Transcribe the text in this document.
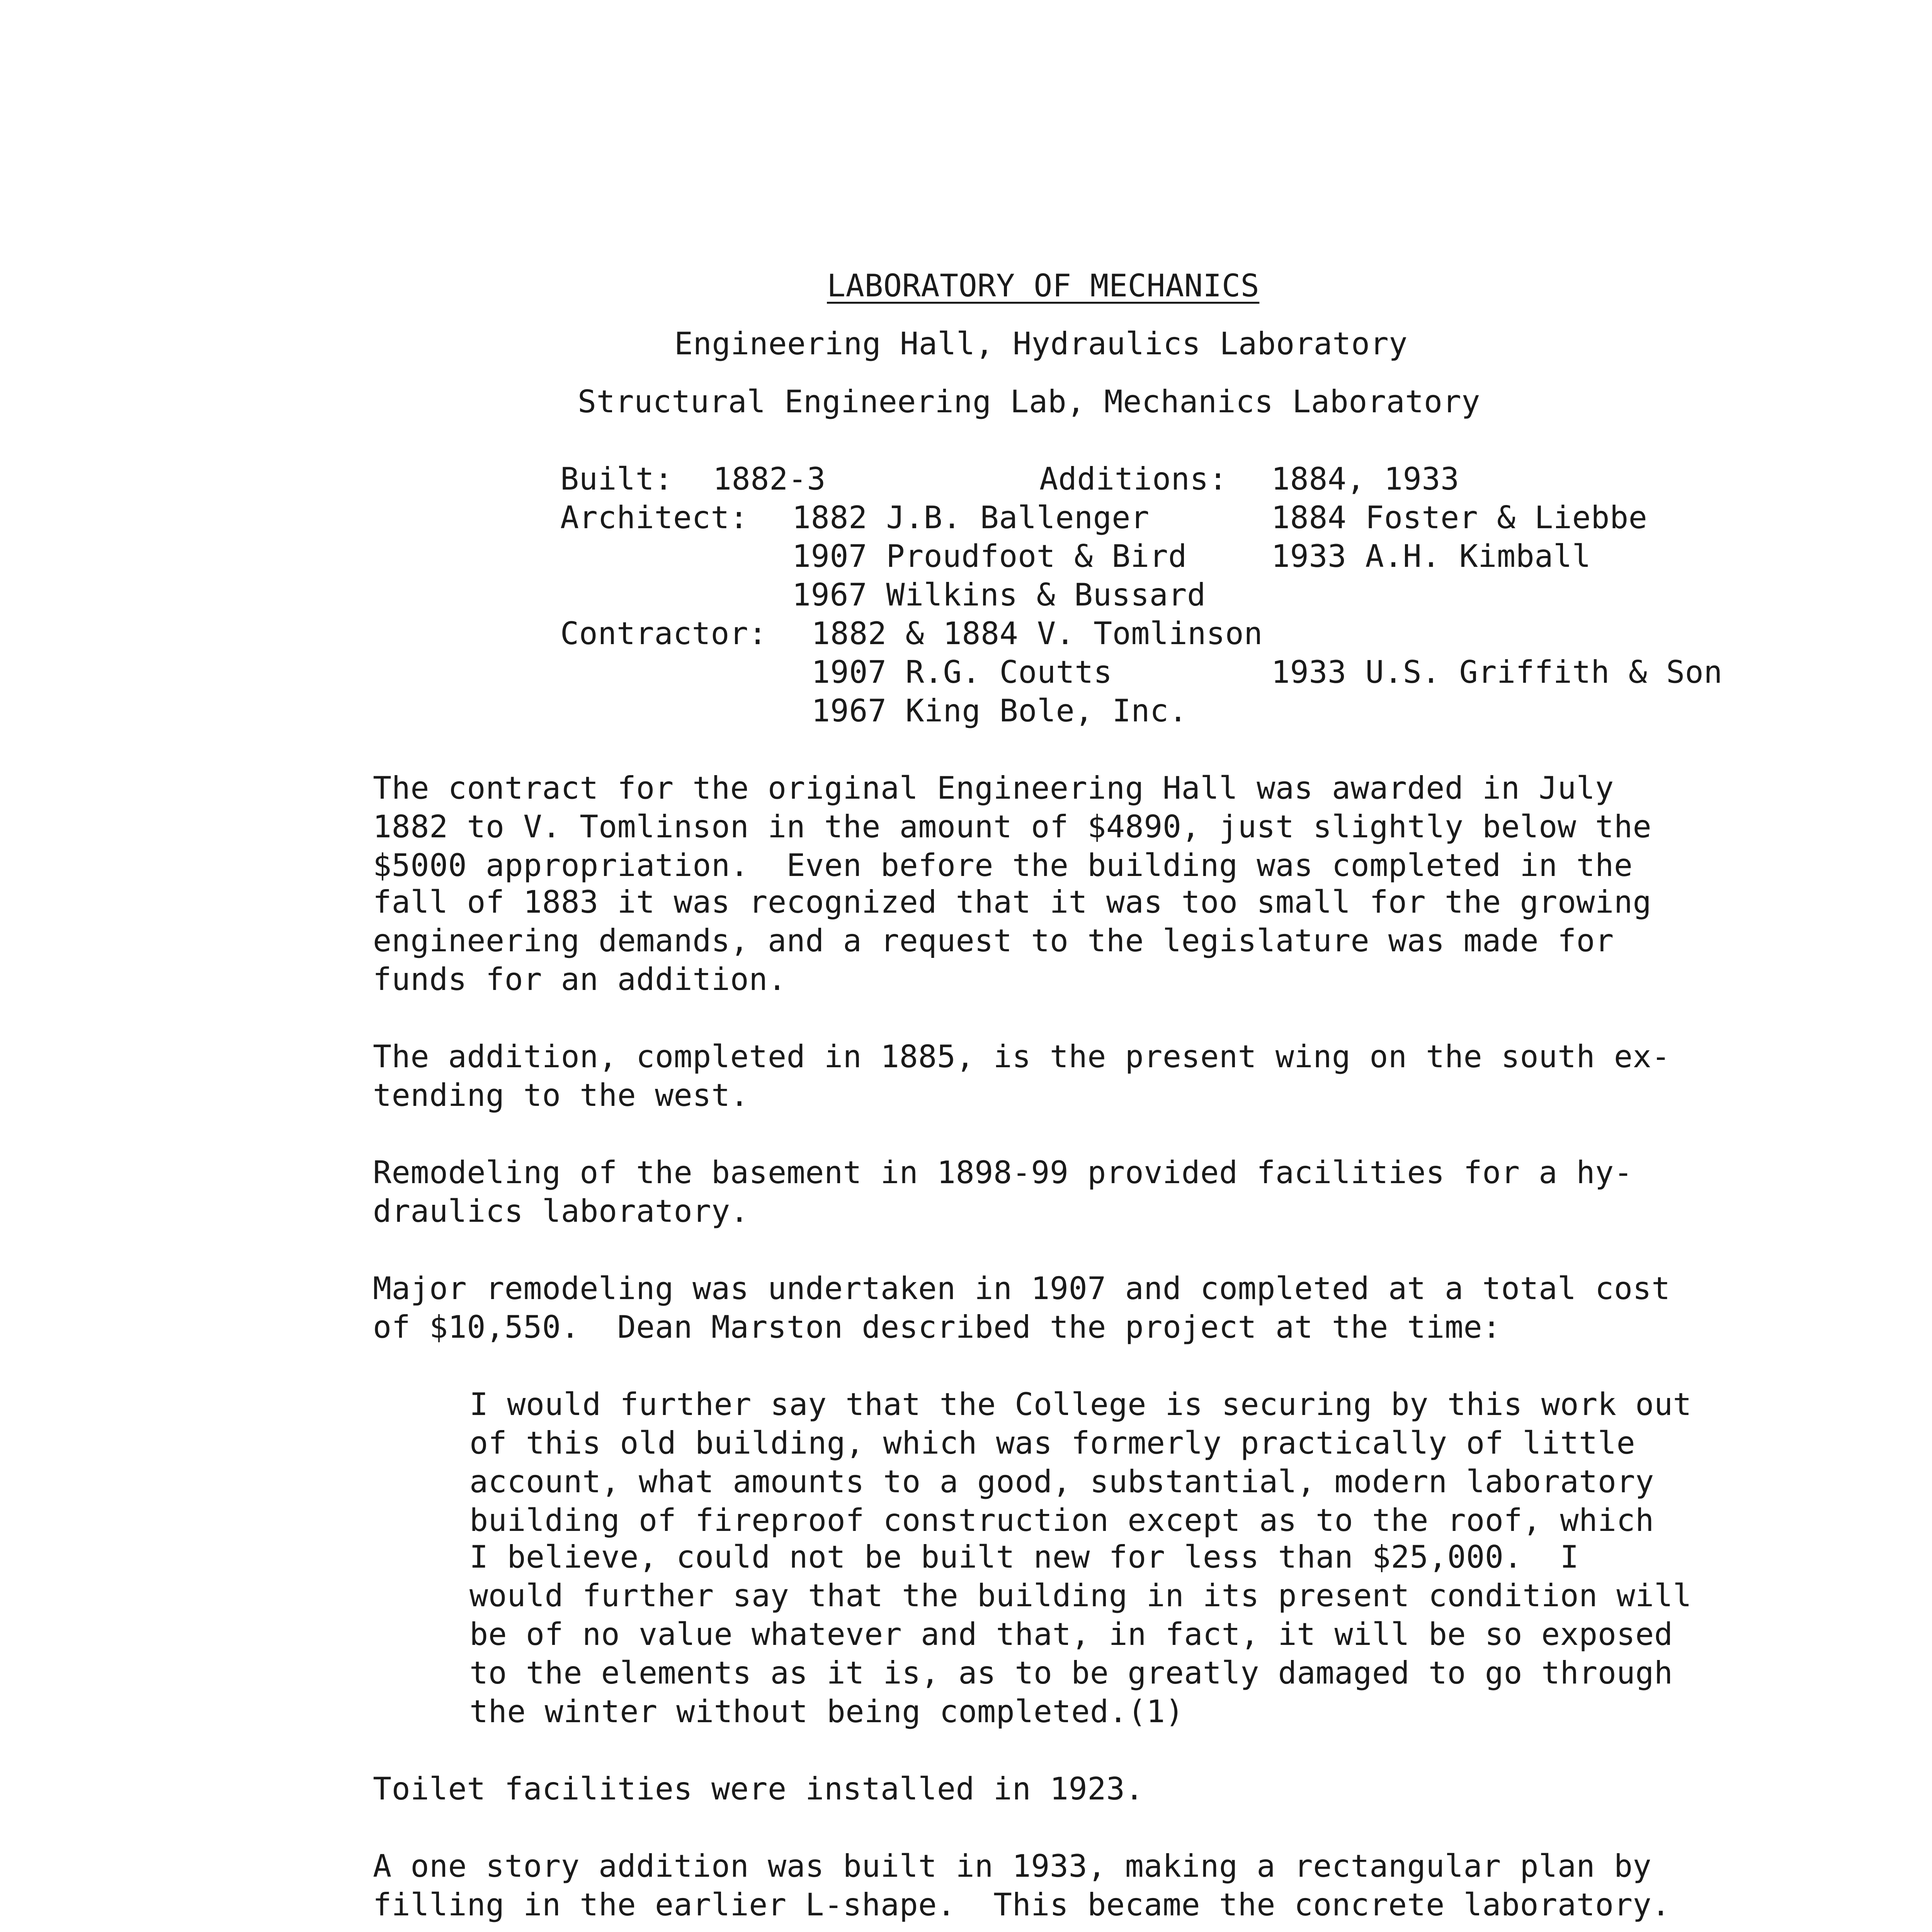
LABORATORY OF MECHANICS
Engineering Hall, Hydraulics Laboratory
Structural Engineering Lab, Mechanics Laboratory
Built: 1882-3	Additions: 1884, 1933
Architect: 1882 J.B. Ballenger	1884 Foster & Liebbe
1907 Proudfoot & Bird	1933 A.H. Kimball
1967 Wilkins & Bussard
Contractor: 1882 & 1884 V. Tomlinson
1907 R.G. Coutts	1933 U.S. Griffith & Son
1967 King Bole, Inc.
The contract for the original Engineering Hall was awarded in July
1882 to V. Tomlinson in the amount of $4890, just slightly below the
$5000 appropriation.  Even before the building was completed in the
fall of 1883 it was recognized that it was too small for the growing
engineering demands, and a request to the legislature was made for
funds for an addition.
The addition, completed in 1885, is the present wing on the south ex-
tending to the west.
Remodeling of the basement in 1898-99 provided facilities for a hy-
draulics laboratory.
Major remodeling was undertaken in 1907 and completed at a total cost
of $10,550.  Dean Marston described the project at the time:
I would further say that the College is securing by this work out
of this old building, which was formerly practically of little
account, what amounts to a good, substantial, modern laboratory
building of fireproof construction except as to the roof, which
I believe, could not be built new for less than $25,000.  I
would further say that the building in its present condition will
be of no value whatever and that, in fact, it will be so exposed
to the elements as it is, as to be greatly damaged to go through
the winter without being completed.(1)
Toilet facilities were installed in 1923.
A one story addition was built in 1933, making a rectangular plan by
filling in the earlier L-shape.  This became the concrete laboratory.
